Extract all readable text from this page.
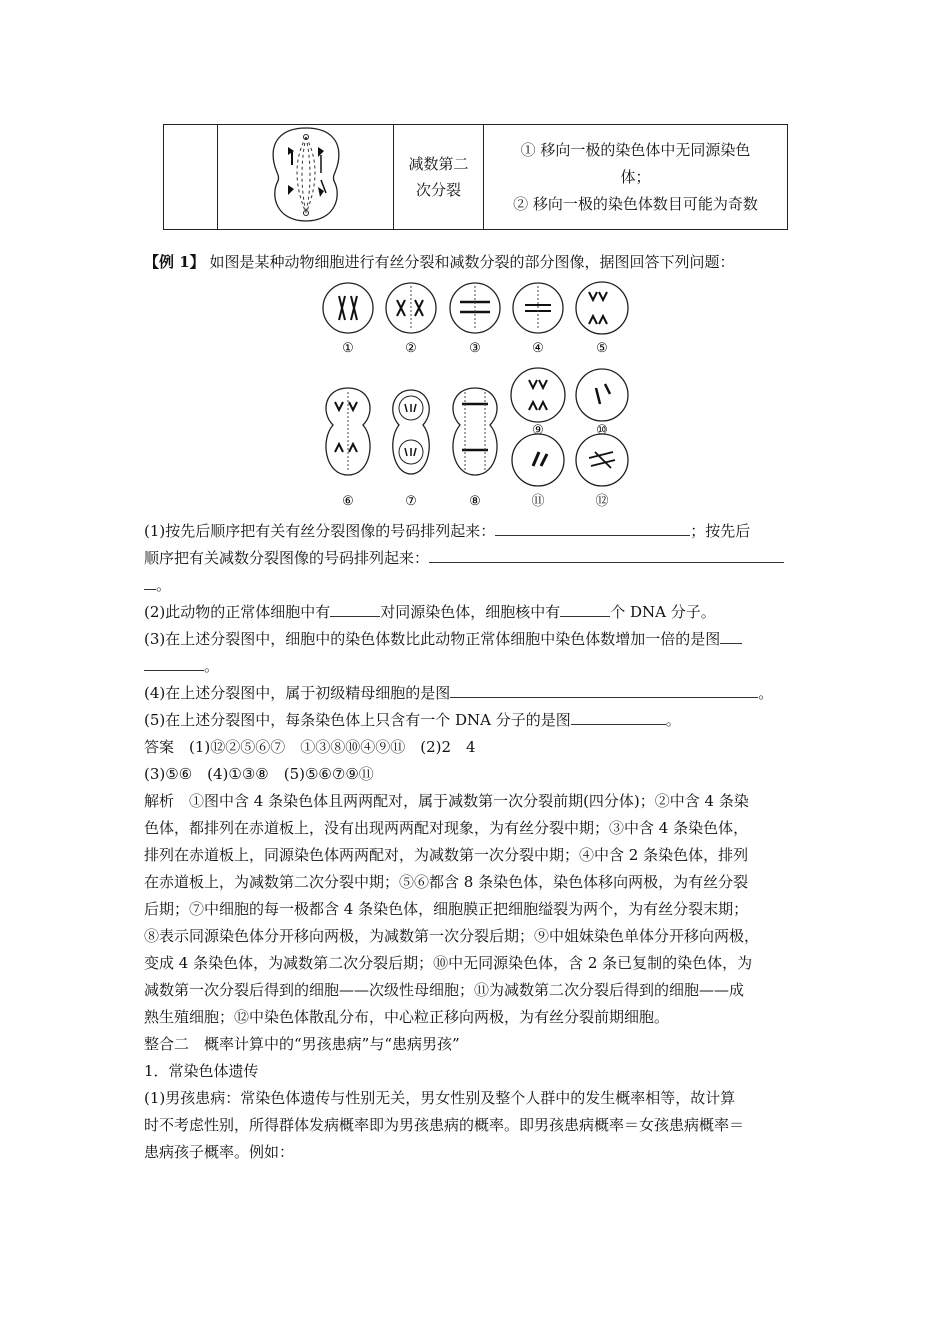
减数第二
次分裂

① 移向一极的染色体中无同源染色
体；
② 移向一极的染色体数目可能为奇数
【例 1】 如图是某种动物细胞进行有丝分裂和减数分裂的部分图像，据图回答下列问题：
①	②	③	④	⑤
⑥	⑦	⑧
⑨	⑩
⑪	⑫
(1)按先后顺序把有关有丝分裂图像的号码排列起来：	；按先后
顺序把有关减数分裂图像的号码排列起来：
。
(2)此动物的正常体细胞中有	对同源染色体，细胞核中有	个 DNA 分子。
(3)在上述分裂图中，细胞中的染色体数比此动物正常体细胞中染色体数增加一倍的是图
。
(4)在上述分裂图中，属于初级精母细胞的是图	。
(5)在上述分裂图中，每条染色体上只含有一个 DNA 分子的是图	。
答案　(1)⑫②⑤⑥⑦　①③⑧⑩④⑨⑪　(2)2　4
(3)⑤⑥　(4)①③⑧　(5)⑤⑥⑦⑨⑪
解析　①图中含 4 条染色体且两两配对，属于减数第一次分裂前期(四分体)；②中含 4 条染
色体，都排列在赤道板上，没有出现两两配对现象，为有丝分裂中期；③中含 4 条染色体，
排列在赤道板上，同源染色体两两配对，为减数第一次分裂中期；④中含 2 条染色体，排列
在赤道板上，为减数第二次分裂中期；⑤⑥都含 8 条染色体，染色体移向两极，为有丝分裂
后期；⑦中细胞的每一极都含 4 条染色体，细胞膜正把细胞缢裂为两个，为有丝分裂末期；
⑧表示同源染色体分开移向两极，为减数第一次分裂后期；⑨中姐妹染色单体分开移向两极，
变成 4 条染色体，为减数第二次分裂后期；⑩中无同源染色体，含 2 条已复制的染色体，为
减数第一次分裂后得到的细胞——次级性母细胞；⑪为减数第二次分裂后得到的细胞——成
熟生殖细胞；⑫中染色体散乱分布，中心粒正移向两极，为有丝分裂前期细胞。
整合二　概率计算中的“男孩患病”与“患病男孩”
1．常染色体遗传
(1)男孩患病：常染色体遗传与性别无关，男女性别及整个人群中的发生概率相等，故计算
时不考虑性别，所得群体发病概率即为男孩患病的概率。即男孩患病概率＝女孩患病概率＝
患病孩子概率。例如：
